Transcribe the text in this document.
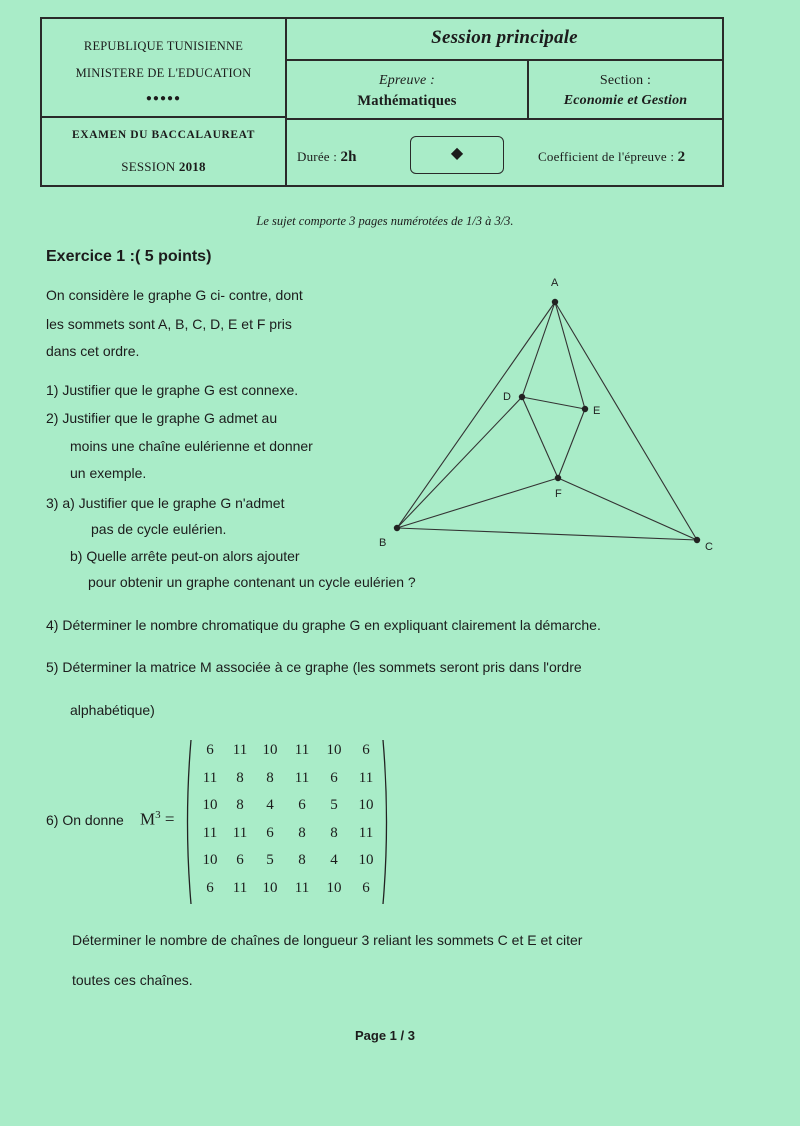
REPUBLIQUE TUNISIENNE
MINISTERE DE L'EDUCATION
●●●●●
EXAMEN DU BACCALAUREAT
SESSION 2018
Session principale
Epreuve :
Mathématiques
Section :
Economie et Gestion
Durée : 2h	◆	Coefficient de l'épreuve : 2
Le sujet comporte 3 pages numérotées de 1/3 à 3/3.
Exercice 1 :( 5 points)
On considère le graphe G ci- contre, dont
les sommets sont A, B, C, D, E et F pris
dans cet ordre.
1) Justifier que le graphe G est connexe.
2) Justifier que le graphe G admet au
moins une chaîne eulérienne et donner
un exemple.
3) a) Justifier que le graphe G n'admet
pas de cycle eulérien.
b) Quelle arrête peut-on alors ajouter
pour obtenir un graphe contenant un cycle eulérien ?
4) Déterminer le nombre chromatique du graphe G en expliquant clairement la démarche.
5) Déterminer la matrice M associée à ce graphe (les sommets seront pris dans l'ordre
alphabétique)
6) On donne $M^3$ =
6	11	10	11	10	6
11	8	8	11	6	11
10	8	4	6	5	10
11	11	6	8	8	11
10	6	5	8	4	10
6	11	10	11	10	6
Déterminer le nombre de chaînes de longueur 3 reliant les sommets C et E et citer
toutes ces chaînes.
A
B	C
D
E
F
Page 1 / 3
